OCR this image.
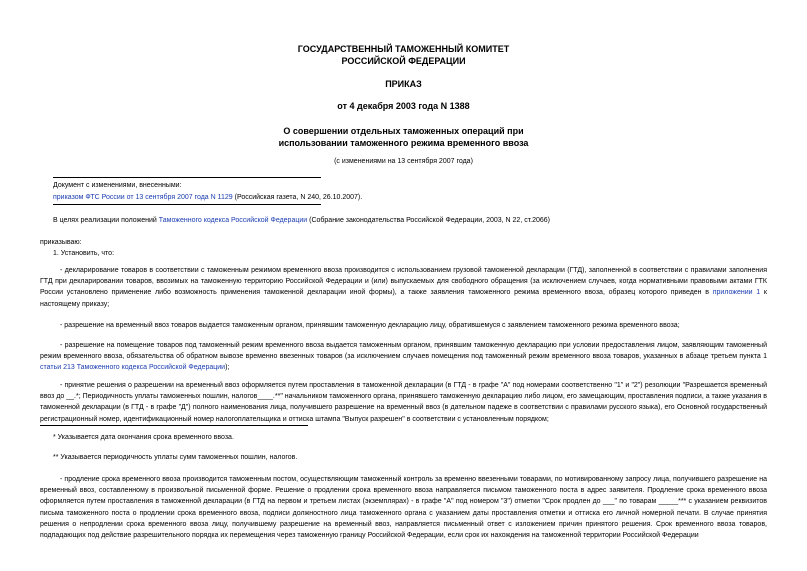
ГОСУДАРСТВЕННЫЙ ТАМОЖЕННЫЙ КОМИТЕТ
РОССИЙСКОЙ ФЕДЕРАЦИИ
ПРИКАЗ
от 4 декабря 2003 года N 1388
О совершении отдельных таможенных операций при
использовании таможенного режима временного ввоза
(с изменениями на 13 сентября 2007 года)
Документ с изменениями, внесенными:
приказом ФТС России от 13 сентября 2007 года N 1129 (Российская газета, N 240, 26.10.2007).
В целях реализации положений Таможенного кодекса Российской Федерации (Собрание законодательства Российской Федерации, 2003, N 22, ст.2066)
приказываю:
1. Установить, что:
- декларирование товаров в соответствии с таможенным режимом временного ввоза производится с использованием грузовой таможенной декларации (ГТД), заполненной в соответствии с правилами заполнения ГТД при декларировании товаров, ввозимых на таможенную территорию Российской Федерации и (или) выпускаемых для свободного обращения (за исключением случаев, когда нормативными правовыми актами ГТК России установлено применение либо возможность применения таможенной декларации иной формы), а также заявления таможенного режима временного ввоза, образец которого приведен в приложении 1 к настоящему приказу;
- разрешение на временный ввоз товаров выдается таможенным органом, принявшим таможенную декларацию лицу, обратившемуся с заявлением таможенного режима временного ввоза;
- разрешение на помещение товаров под таможенный режим временного ввоза выдается таможенным органом, принявшим таможенную декларацию при условии предоставления лицом, заявляющим таможенный режим временного ввоза, обязательства об обратном вывозе временно ввезенных товаров (за исключением случаев помещения под таможенный режим временного ввоза товаров, указанных в абзаце третьем пункта 1 статьи 213 Таможенного кодекса Российской Федерации);
- принятие решения о разрешении на временный ввоз оформляется путем проставления в таможенной декларации (в ГТД - в графе "А" под номерами соответственно "1" и "2") резолюции "Разрешается временный ввоз до __.*; Периодичность уплаты таможенных пошлин, налогов____.**" начальником таможенного органа, принявшего таможенную декларацию либо лицом, его замещающим, проставления подписи, а также указания в таможенной декларации (в ГТД - в графе "Д") полного наименования лица, получившего разрешение на временный ввоз (в дательном падеже в соответствии с правилами русского языка), его Основной государственный регистрационный номер, идентификационный номер налогоплательщика и оттиска штампа "Выпуск разрешен" в соответствии с установленным порядком;
* Указывается дата окончания срока временного ввоза.
** Указывается периодичность уплаты сумм таможенных пошлин, налогов.
- продление срока временного ввоза производится таможенным постом, осуществляющим таможенный контроль за временно ввезенными товарами, по мотивированному запросу лица, получившего разрешение на временный ввоз, составленному в произвольной письменной форме. Решение о продлении срока временного ввоза направляется письмом таможенного поста в адрес заявителя. Продление срока временного ввоза оформляется путем проставления в таможенной декларации (в ГТД на первом и третьем листах (экземплярах) - в графе "А" под номером "3") отметки "Срок продлен до ___" по товарам _____*** с указанием реквизитов письма таможенного поста о продлении срока временного ввоза, подписи должностного лица таможенного органа с указанием даты проставления отметки и оттиска его личной номерной печати. В случае принятия решения о непродлении срока временного ввоза лицу, получившему разрешение на временный ввоз, направляется письменный ответ с изложением причин принятого решения. Срок временного ввоза товаров, подпадающих под действие разрешительного порядка их перемещения через таможенную границу Российской Федерации, если срок их нахождения на таможенной территории Российской Федерации
